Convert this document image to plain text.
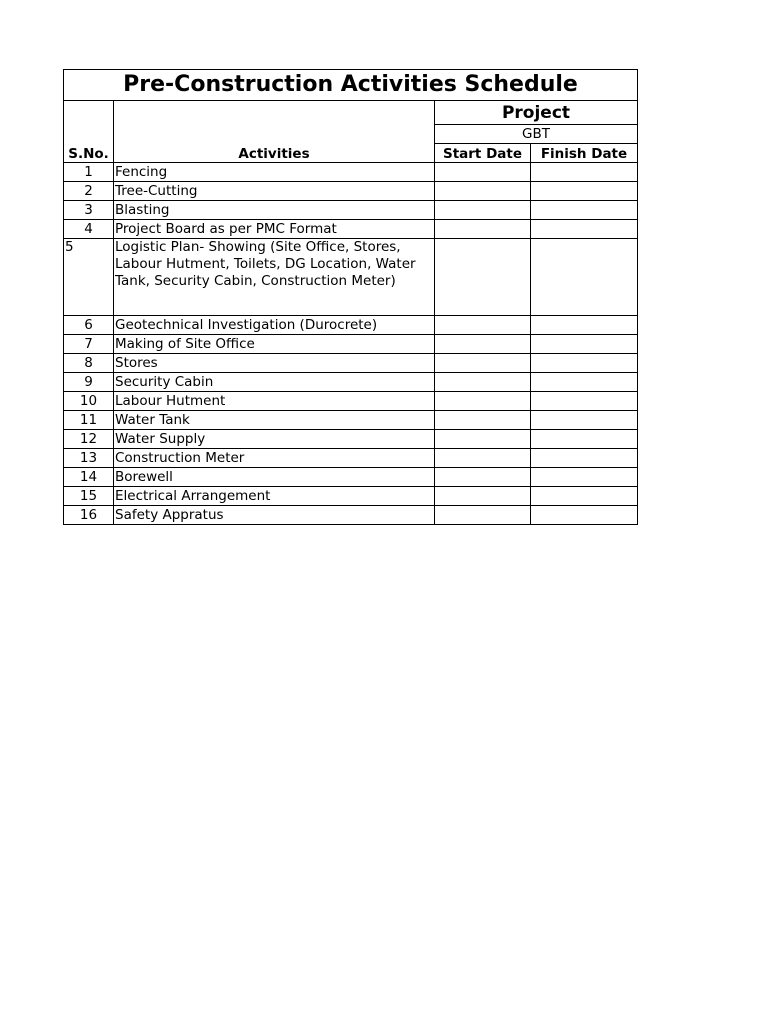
Pre-Construction Activities Schedule			
S.No.	Activities	Project	
		GBT	
		Start Date	Finish Date
1	Fencing		
2	Tree-Cutting		
3	Blasting		
4	Project Board as per PMC Format		
5	Logistic Plan- Showing (Site Office, Stores, Labour Hutment, Toilets, DG Location, Water Tank, Security Cabin, Construction Meter)		
6	Geotechnical Investigation (Durocrete)		
7	Making of Site Office		
8	Stores		
9	Security Cabin		
10	Labour Hutment		
11	Water Tank		
12	Water Supply		
13	Construction Meter		
14	Borewell		
15	Electrical Arrangement		
16	Safety Appratus		
